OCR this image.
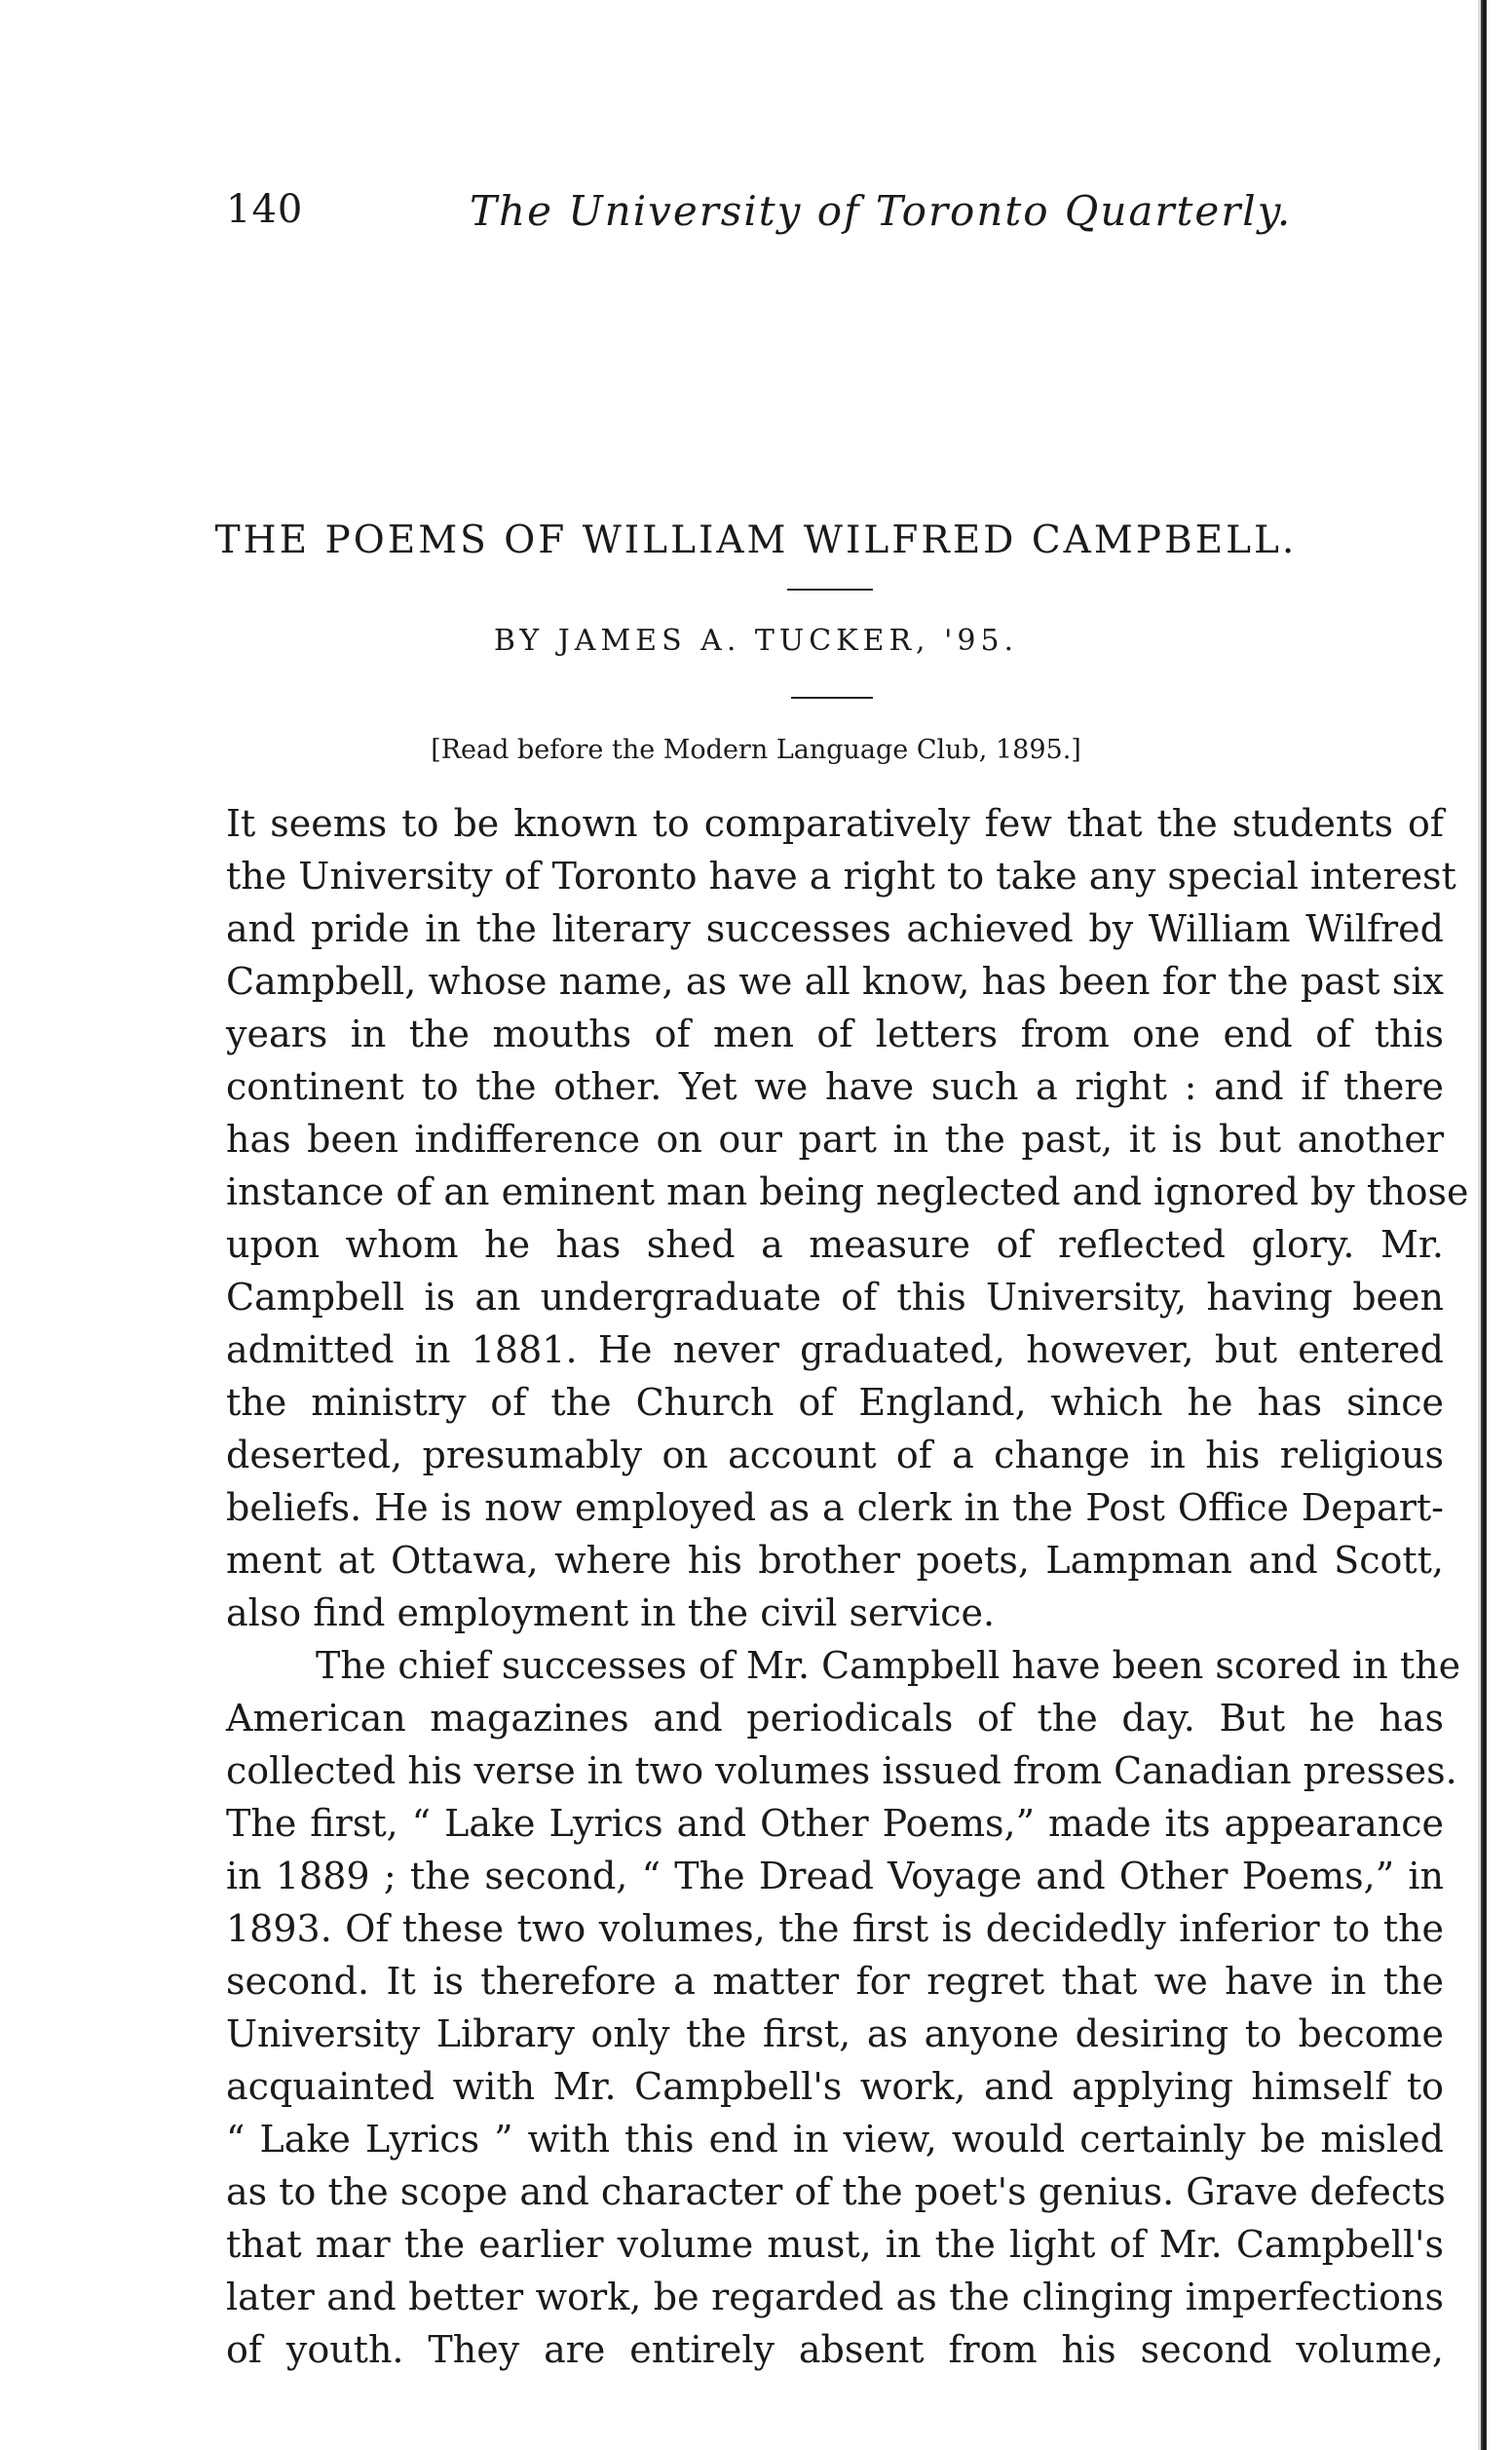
140	The University of Toronto Quarterly.
THE POEMS OF WILLIAM WILFRED CAMPBELL.
BY JAMES A. TUCKER, '95.
[Read before the Modern Language Club, 1895.]
It seems to be known to comparatively few that the students of
the University of Toronto have a right to take any special interest
and pride in the literary successes achieved by William Wilfred
Campbell, whose name, as we all know, has been for the past six
years in the mouths of men of letters from one end of this
continent to the other. Yet we have such a right : and if there
has been indifference on our part in the past, it is but another
instance of an eminent man being neglected and ignored by those
upon whom he has shed a measure of reflected glory. Mr.
Campbell is an undergraduate of this University, having been
admitted in 1881. He never graduated, however, but entered
the ministry of the Church of England, which he has since
deserted, presumably on account of a change in his religious
beliefs. He is now employed as a clerk in the Post Office Depart-
ment at Ottawa, where his brother poets, Lampman and Scott,
also find employment in the civil service.
The chief successes of Mr. Campbell have been scored in the
American magazines and periodicals of the day. But he has
collected his verse in two volumes issued from Canadian presses.
The first, “ Lake Lyrics and Other Poems,” made its appearance
in 1889 ; the second, “ The Dread Voyage and Other Poems,” in
1893. Of these two volumes, the first is decidedly inferior to the
second. It is therefore a matter for regret that we have in the
University Library only the first, as anyone desiring to become
acquainted with Mr. Campbell's work, and applying himself to
“ Lake Lyrics ” with this end in view, would certainly be misled
as to the scope and character of the poet's genius. Grave defects
that mar the earlier volume must, in the light of Mr. Campbell's
later and better work, be regarded as the clinging imperfections
of youth. They are entirely absent from his second volume,
